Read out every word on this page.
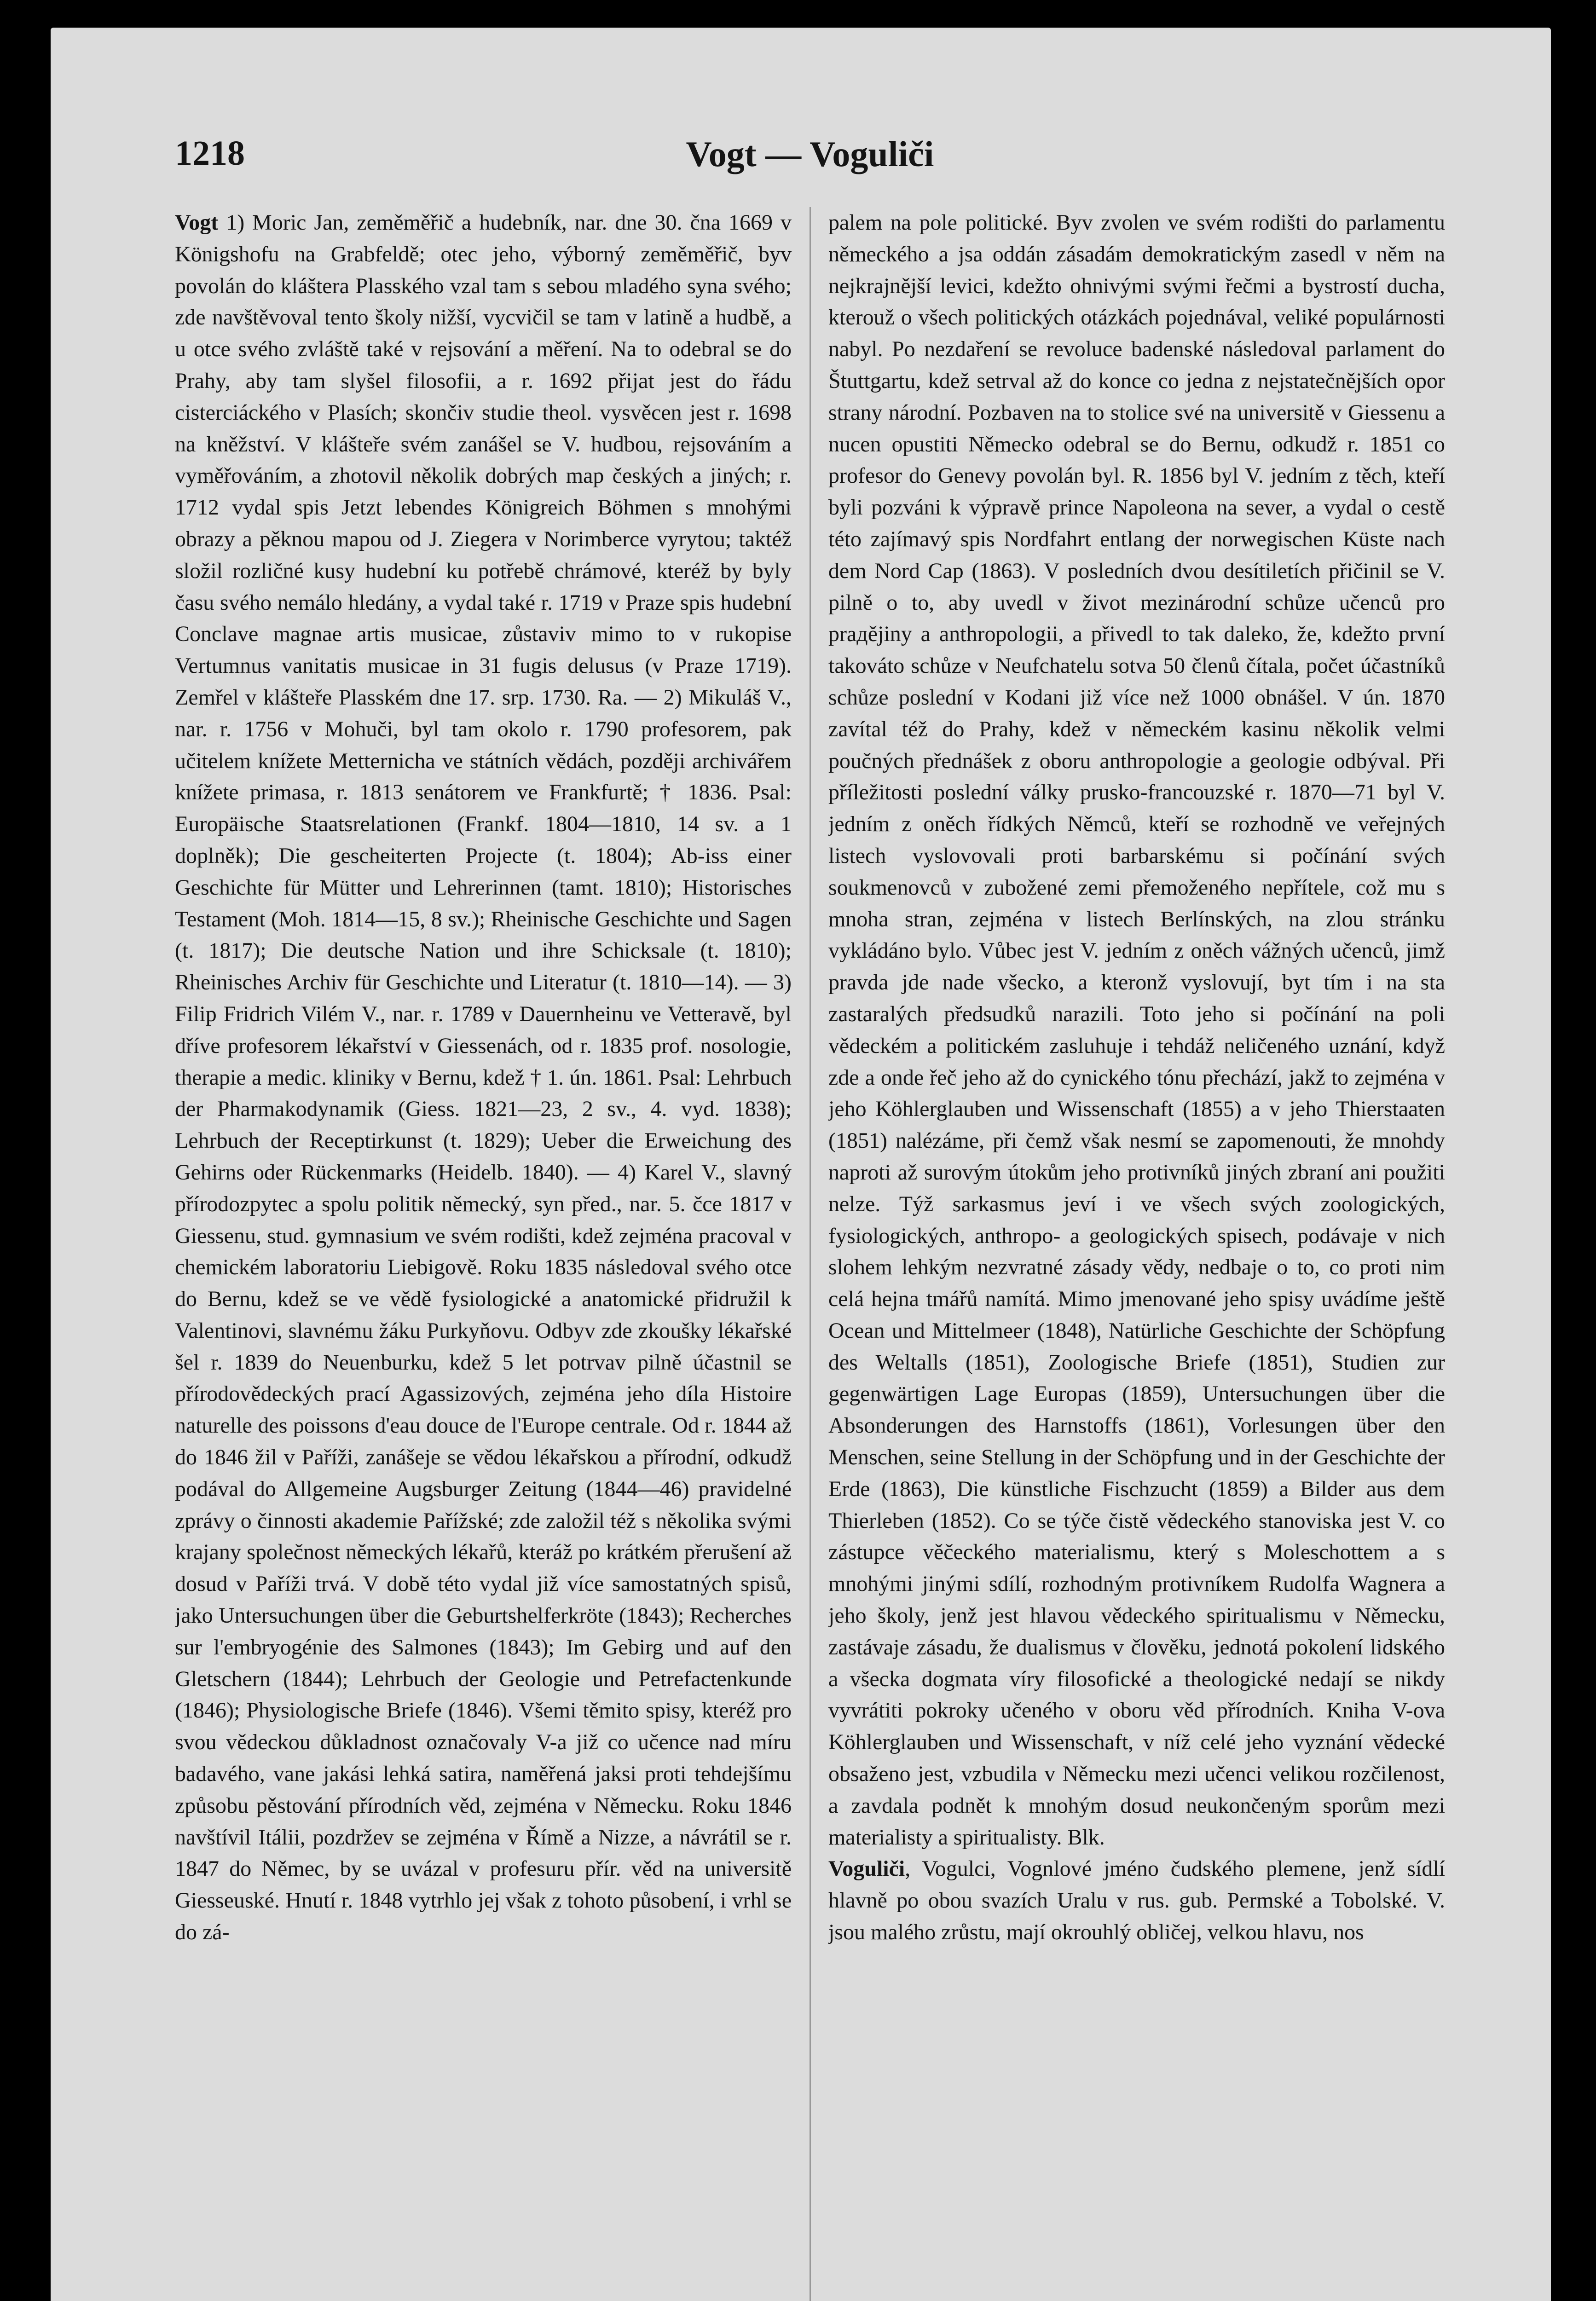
1218	Vogt — Voguliči

Vogt 1) Moric Jan, zeměměřič a hudebník, nar. dne 30. čna 1669 v Königshofu na Grabfeldě; otec jeho, výborný zeměměřič, byv povolán do kláštera Plasského vzal tam s sebou mladého syna svého; zde navštěvoval tento školy nižší, vycvičil se tam v latině a hudbě, a u otce svého zvláště také v rejsování a měření. Na to odebral se do Prahy, aby tam slyšel filosofii, a r. 1692 přijat jest do řádu cisterciáckého v Plasích; skončiv studie theol. vysvěcen jest r. 1698 na kněžství. V klášteře svém zanášel se V. hudbou, rejsováním a vyměřováním, a zhotovil několik dobrých map českých a jiných; r. 1712 vydal spis Jetzt lebendes Königreich Böhmen s mnohými obrazy a pěknou mapou od J. Ziegera v Norimberce vyrytou; taktéž složil rozličné kusy hudební ku potřebě chrámové, kteréž by byly času svého nemálo hledány, a vydal také r. 1719 v Praze spis hudební Conclave magnae artis musicae, zůstaviv mimo to v rukopise Vertumnus vanitatis musicae in 31 fugis delusus (v Praze 1719). Zemřel v klášteře Plasském dne 17. srp. 1730. Ra. — 2) Mikuláš V., nar. r. 1756 v Mohuči, byl tam okolo r. 1790 profesorem, pak učitelem knížete Metternicha ve státních vědách, později archivářem knížete primasa, r. 1813 senátorem ve Frankfurtě; † 1836. Psal: Europäische Staatsrelationen (Frankf. 1804—1810, 14 sv. a 1 doplněk); Die gescheiterten Projecte (t. 1804); Ab-iss einer Geschichte für Mütter und Lehrerinnen (tamt. 1810); Historisches Testament (Moh. 1814—15, 8 sv.); Rheinische Geschichte und Sagen (t. 1817); Die deutsche Nation und ihre Schicksale (t. 1810); Rheinisches Archiv für Geschichte und Literatur (t. 1810—14). — 3) Filip Fridrich Vilém V., nar. r. 1789 v Dauernheinu ve Vetteravě, byl dříve profesorem lékařství v Giessenách, od r. 1835 prof. nosologie, therapie a medic. kliniky v Bernu, kdež † 1. ún. 1861. Psal: Lehrbuch der Pharmakodynamik (Giess. 1821—23, 2 sv., 4. vyd. 1838); Lehrbuch der Receptirkunst (t. 1829); Ueber die Erweichung des Gehirns oder Rückenmarks (Heidelb. 1840). — 4) Karel V., slavný přírodozpytec a spolu politik německý, syn před., nar. 5. čce 1817 v Giessenu, stud. gymnasium ve svém rodišti, kdež zejména pracoval v chemickém laboratoriu Liebigově. Roku 1835 následoval svého otce do Bernu, kdež se ve vědě fysiologické a anatomické přidružil k Valentinovi, slavnému žáku Purkyňovu. Odbyv zde zkoušky lékařské šel r. 1839 do Neuenburku, kdež 5 let potrvav pilně účastnil se přírodovědeckých prací Agassizových, zejména jeho díla Histoire naturelle des poissons d'eau douce de l'Europe centrale. Od r. 1844 až do 1846 žil v Paříži, zanášeje se vědou lékařskou a přírodní, odkudž podával do Allgemeine Augsburger Zeitung (1844—46) pravidelné zprávy o činnosti akademie Pařížské; zde založil též s několika svými krajany společnost německých lékařů, kteráž po krátkém přerušení až dosud v Paříži trvá. V době této vydal již více samostatných spisů, jako Untersuchungen über die Geburtshelferkröte (1843); Recherches sur l'embryogénie des Salmones (1843); Im Gebirg und auf den Gletschern (1844); Lehrbuch der Geologie und Petrefactenkunde (1846); Physiologische Briefe (1846). Všemi těmito spisy, kteréž pro svou vědeckou důkladnost označovaly V-a již co učence nad míru badavého, vane jakási lehká satira, naměřená jaksi proti tehdejšímu způsobu pěstování přírodních věd, zejména v Německu. Roku 1846 navštívil Itálii, pozdržev se zejména v Římě a Nizze, a návrátil se r. 1847 do Němec, by se uvázal v profesuru přír. věd na universitě Giesseuské. Hnutí r. 1848 vytrhlo jej však z tohoto působení, i vrhl se do zá-

palem na pole politické. Byv zvolen ve svém rodišti do parlamentu německého a jsa oddán zásadám demokratickým zasedl v něm na nejkrajnější levici, kdežto ohnivými svými řečmi a bystrostí ducha, kterouž o všech politických otázkách pojednával, veliké populárnosti nabyl. Po nezdaření se revoluce badenské následoval parlament do Štuttgartu, kdež setrval až do konce co jedna z nejstatečnějších opor strany národní. Pozbaven na to stolice své na universitě v Giessenu a nucen opustiti Německo odebral se do Bernu, odkudž r. 1851 co profesor do Genevy povolán byl. R. 1856 byl V. jedním z těch, kteří byli pozváni k výpravě prince Napoleona na sever, a vydal o cestě této zajímavý spis Nordfahrt entlang der norwegischen Küste nach dem Nord Cap (1863). V posledních dvou desítiletích přičinil se V. pilně o to, aby uvedl v život mezinárodní schůze učenců pro prадějiny a anthropologii, a přivedl to tak daleko, že, kdežto první takováto schůze v Neufchatelu sotva 50 členů čítala, počet účastníků schůze poslední v Kodani již více než 1000 obnášel. V ún. 1870 zavítal též do Prahy, kdež v německém kasinu několik velmi poučných přednášek z oboru anthropologie a geologie odbýval. Při příležitosti poslední války prusko-francouzské r. 1870—71 byl V. jedním z oněch řídkých Němců, kteří se rozhodně ve veřejných listech vyslovovali proti barbarskému si počínání svých soukmenovců v zubožené zemi přemoženého nepřítele, což mu s mnoha stran, zejména v listech Berlínských, na zlou stránku vykládáno bylo. Vůbec jest V. jedním z oněch vážných učenců, jimž pravda jde nade všecko, a kteronž vyslovují, byt tím i na sta zastaralých předsudků narazili. Toto jeho si počínání na poli vědeckém a politickém zasluhuje i tehdáž neličeného uznání, když zde a onde řeč jeho až do cynického tónu přechází, jakž to zejména v jeho Köhlerglauben und Wissenschaft (1855) a v jeho Thierstaaten (1851) nalézáme, při čemž však nesmí se zapomenouti, že mnohdy naproti až surovým útokům jeho protivníků jiných zbraní ani použiti nelze. Týž sarkasmus jeví i ve všech svých zoologických, fysiologických, anthropo- a geologických spisech, podávaje v nich slohem lehkým nezvratné zásady vědy, nedbaje o to, co proti nim celá hejna tmářů namítá. Mimo jmenované jeho spisy uvádíme ještě Ocean und Mittelmeer (1848), Natürliche Geschichte der Schöpfung des Weltalls (1851), Zoologische Briefe (1851), Studien zur gegenwärtigen Lage Europas (1859), Untersuchungen über die Absonderungen des Harnstoffs (1861), Vorlesungen über den Menschen, seine Stellung in der Schöpfung und in der Geschichte der Erde (1863), Die künstliche Fischzucht (1859) a Bilder aus dem Thierleben (1852). Co se týče čistě vědeckého stanoviska jest V. co zástupce věčeckého materialismu, který s Moleschottem a s mnohými jinými sdílí, rozhodným protivníkem Rudolfa Wagnera a jeho školy, jenž jest hlavou vědeckého spiritualismu v Německu, zastávaje zásadu, že dualismus v člověku, jednotá pokolení lidského a všecka dogmata víry filosofické a theologické nedají se nikdy vyvrátiti pokroky učeného v oboru věd přírodních. Kniha V-ova Köhlerglauben und Wissenschaft, v níž celé jeho vyznání vědecké obsaženo jest, vzbudila v Německu mezi učenci velikou rozčilenost, a zavdala podnět k mnohým dosud neukončeným sporům mezi materialisty a spiritualisty. Blk.

Voguliči, Vogulci, Vognlové jméno čudského plemene, jenž sídlí hlavně po obou svazích Uralu v rus. gub. Permské a Tobolské. V. jsou malého zrůstu, mají okrouhlý obličej, velkou hlavu, nos
